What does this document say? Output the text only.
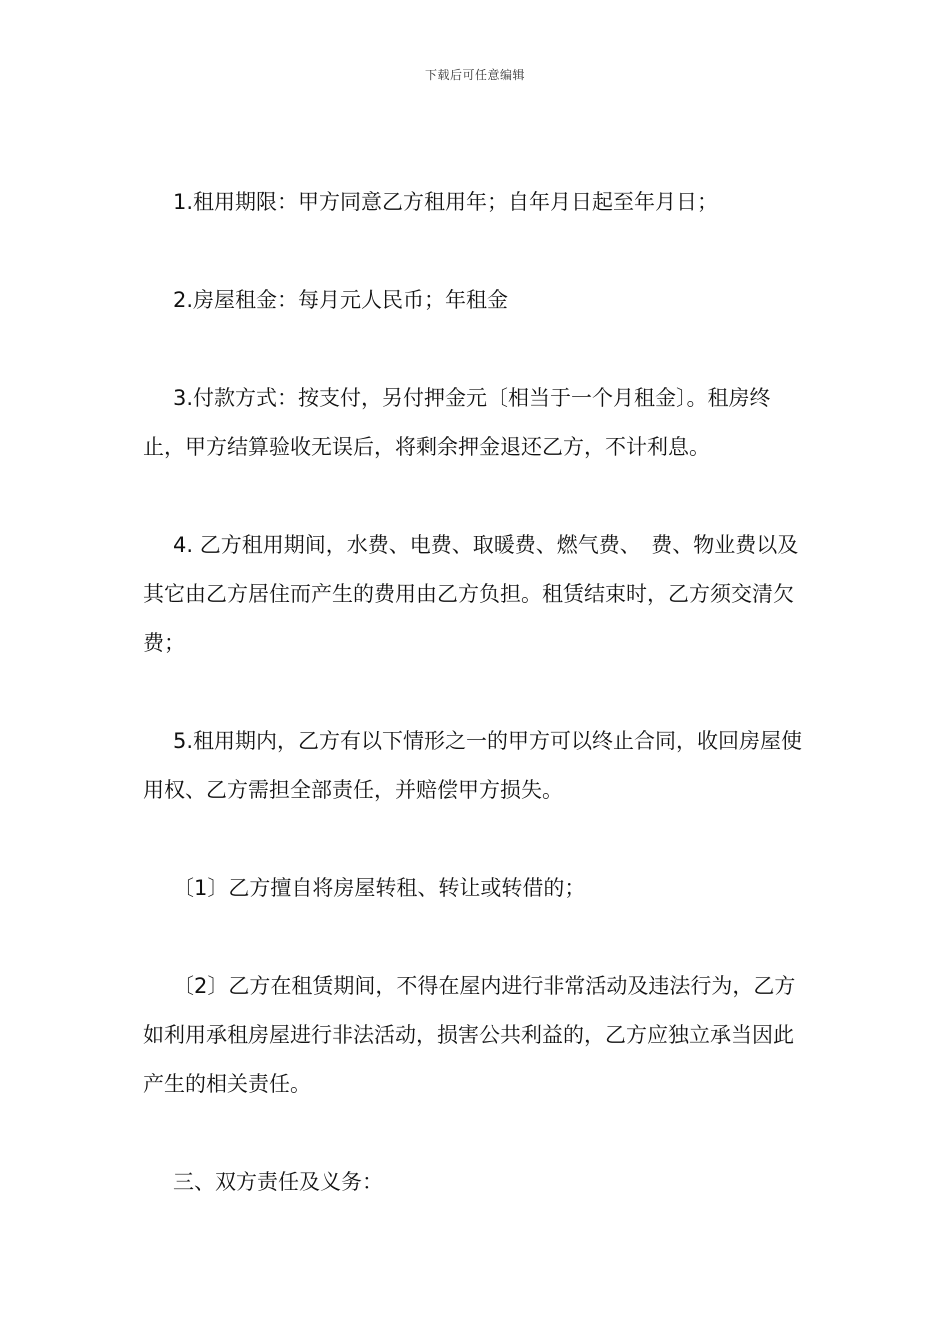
下载后可任意编辑

1.租用期限：甲方同意乙方租用年；自年月日起至年月日；

2.房屋租金：每月元人民币；年租金

3.付款方式：按支付，另付押金元〔相当于一个月租金〕。租房终止，甲方结算验收无误后，将剩余押金退还乙方，不计利息。

4. 乙方租用期间，水费、电费、取暖费、燃气费、　费、物业费以及其它由乙方居住而产生的费用由乙方负担。租赁结束时，乙方须交清欠费；

5.租用期内，乙方有以下情形之一的甲方可以终止合同，收回房屋使用权、乙方需担全部责任，并赔偿甲方损失。

〔1〕乙方擅自将房屋转租、转让或转借的；

〔2〕乙方在租赁期间，不得在屋内进行非常活动及违法行为，乙方如利用承租房屋进行非法活动，损害公共利益的，乙方应独立承当因此产生的相关责任。

三、双方责任及义务：
